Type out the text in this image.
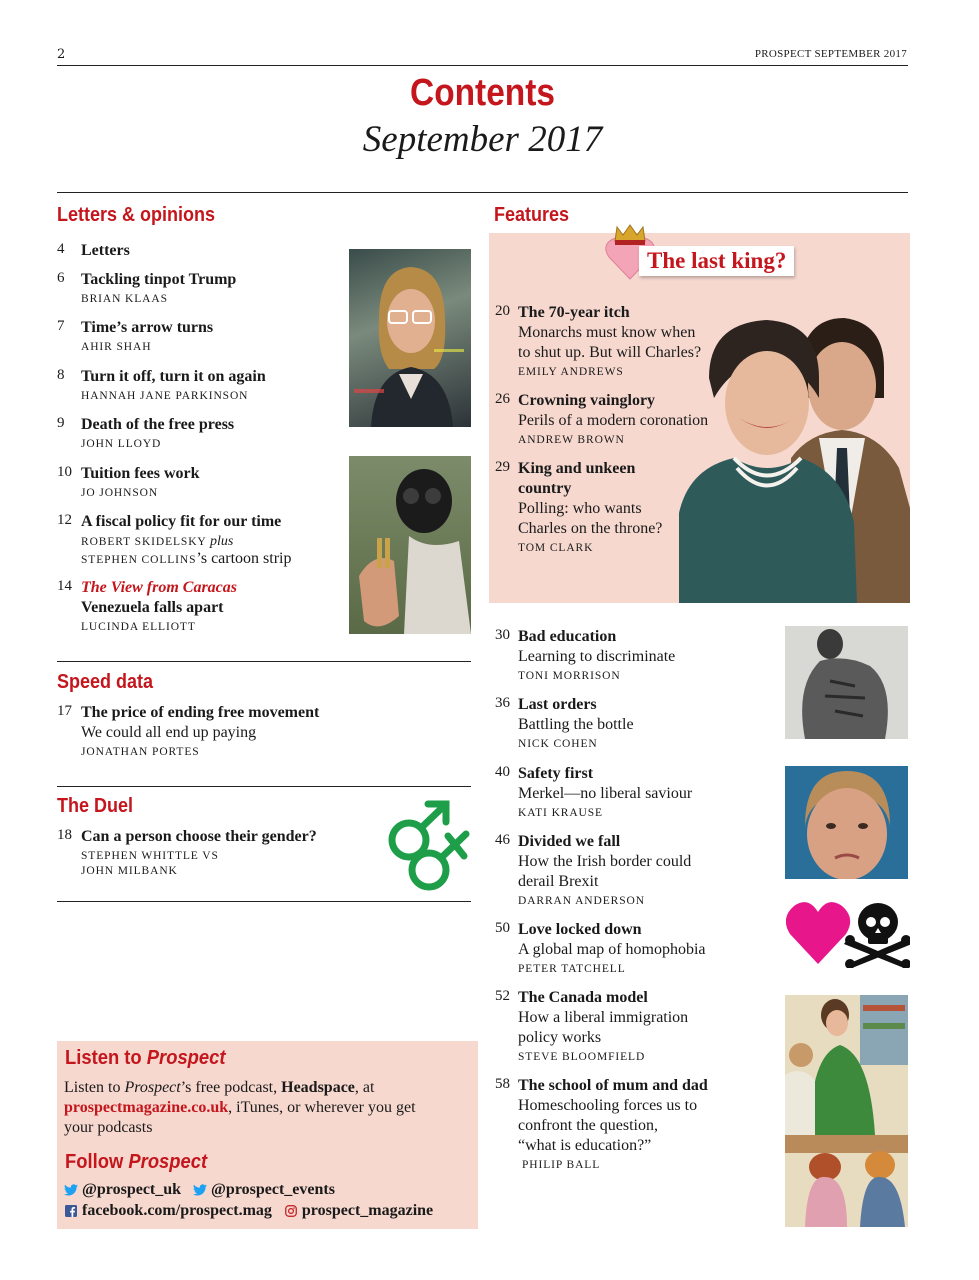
2	PROSPECT SEPTEMBER 2017
Contents
September 2017
Letters & opinions
4 Letters
6 Tackling tinpot Trump
BRIAN KLAAS
7 Time’s arrow turns
AHIR SHAH
8 Turn it off, turn it on again
HANNAH JANE PARKINSON
9 Death of the free press
JOHN LLOYD
10 Tuition fees work
JO JOHNSON
12 A fiscal policy fit for our time
ROBERT SKIDELSKY plus
STEPHEN COLLINS’s cartoon strip
14 The View from Caracas
Venezuela falls apart
LUCINDA ELLIOTT
Speed data
17 The price of ending free movement
We could all end up paying
JONATHAN PORTES
The Duel
18 Can a person choose their gender?
STEPHEN WHITTLE VS
JOHN MILBANK
Listen to Prospect
Listen to Prospect’s free podcast, Headspace, at
prospectmagazine.co.uk, iTunes, or wherever you get
your podcasts
Follow Prospect
@prospect_uk @prospect_events
facebook.com/prospect.mag prospect_magazine
Features
The last king?
20 The 70-year itch
Monarchs must know when
to shut up. But will Charles?
EMILY ANDREWS
26 Crowning vainglory
Perils of a modern coronation
ANDREW BROWN
29 King and unkeen
country
Polling: who wants
Charles on the throne?
TOM CLARK
30 Bad education
Learning to discriminate
TONI MORRISON
36 Last orders
Battling the bottle
NICK COHEN
40 Safety first
Merkel—no liberal saviour
KATI KRAUSE
46 Divided we fall
How the Irish border could
derail Brexit
DARRAN ANDERSON
50 Love locked down
A global map of homophobia
PETER TATCHELL
52 The Canada model
How a liberal immigration
policy works
STEVE BLOOMFIELD
58 The school of mum and dad
Homeschooling forces us to
confront the question,
“what is education?”
PHILIP BALL
